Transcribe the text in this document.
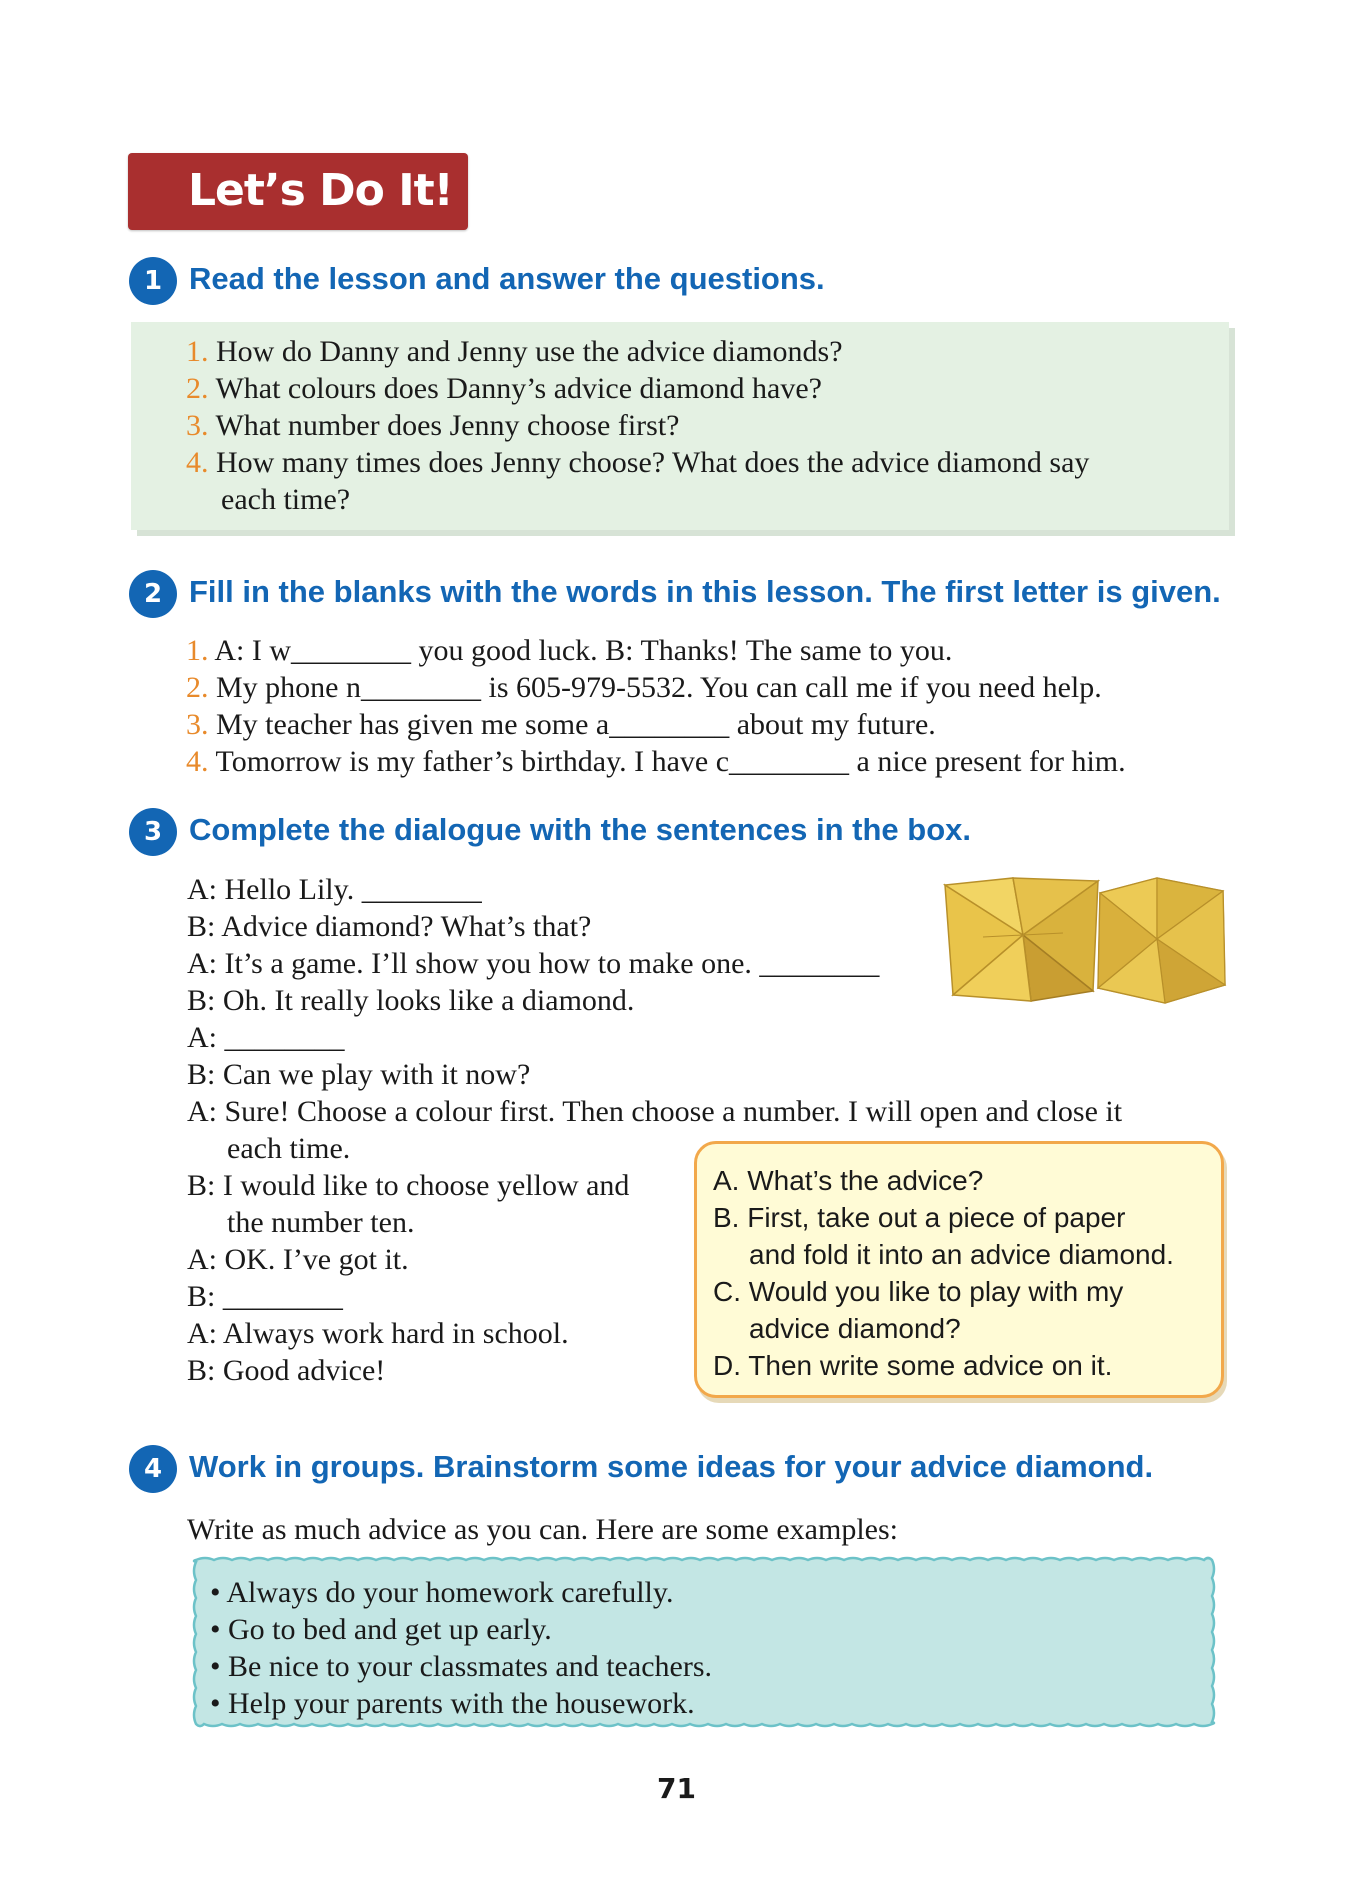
Let’s Do It!
1 Read the lesson and answer the questions.
1. How do Danny and Jenny use the advice diamonds?
2. What colours does Danny’s advice diamond have?
3. What number does Jenny choose first?
4. How many times does Jenny choose? What does the advice diamond say
each time?
2 Fill in the blanks with the words in this lesson. The first letter is given.
1. A: I w________ you good luck. B: Thanks! The same to you.
2. My phone n________ is 605-979-5532. You can call me if you need help.
3. My teacher has given me some a________ about my future.
4. Tomorrow is my father’s birthday. I have c________ a nice present for him.
3 Complete the dialogue with the sentences in the box.
A: Hello Lily. ________
B: Advice diamond? What’s that?
A: It’s a game. I’ll show you how to make one. ________
B: Oh. It really looks like a diamond.
A: ________
B: Can we play with it now?
A: Sure! Choose a colour first. Then choose a number. I will open and close it
each time.
B: I would like to choose yellow and
the number ten.
A: OK. I’ve got it.
B: ________
A: Always work hard in school.
B: Good advice!
A. What’s the advice?
B. First, take out a piece of paper
and fold it into an advice diamond.
C. Would you like to play with my
advice diamond?
D. Then write some advice on it.
4 Work in groups. Brainstorm some ideas for your advice diamond.
Write as much advice as you can. Here are some examples:
• Always do your homework carefully.
• Go to bed and get up early.
• Be nice to your classmates and teachers.
• Help your parents with the housework.
71
